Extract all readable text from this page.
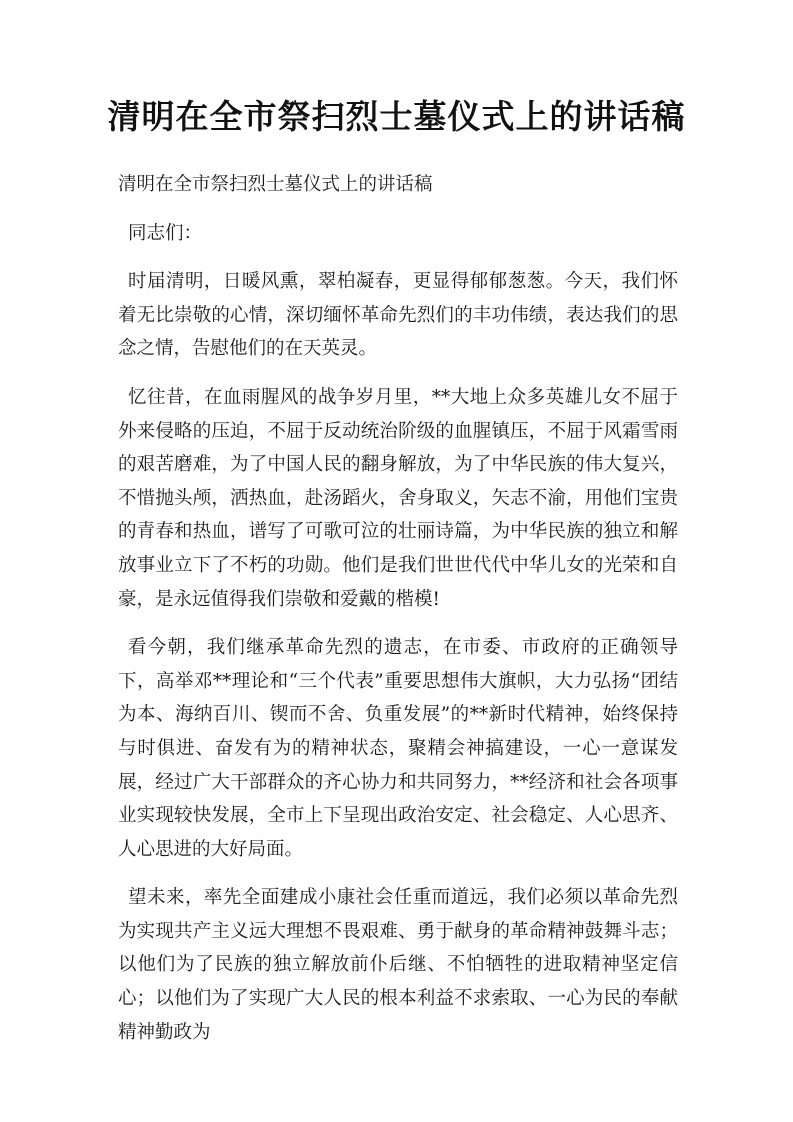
清明在全市祭扫烈士墓仪式上的讲话稿

清明在全市祭扫烈士墓仪式上的讲话稿

同志们：

时届清明，日暖风熏，翠柏凝春，更显得郁郁葱葱。今天，我们怀着无比崇敬的心情，深切缅怀革命先烈们的丰功伟绩，表达我们的思念之情，告慰他们的在天英灵。

忆往昔，在血雨腥风的战争岁月里，**大地上众多英雄儿女不屈于外来侵略的压迫，不屈于反动统治阶级的血腥镇压，不屈于风霜雪雨的艰苦磨难，为了中国人民的翻身解放，为了中华民族的伟大复兴，不惜抛头颅，洒热血，赴汤蹈火，舍身取义，矢志不渝，用他们宝贵的青春和热血，谱写了可歌可泣的壮丽诗篇，为中华民族的独立和解放事业立下了不朽的功勋。他们是我们世世代代中华儿女的光荣和自豪，是永远值得我们崇敬和爱戴的楷模!

看今朝，我们继承革命先烈的遗志，在市委、市政府的正确领导下，高举邓**理论和“三个代表”重要思想伟大旗帜，大力弘扬“团结为本、海纳百川、锲而不舍、负重发展”的**新时代精神，始终保持与时俱进、奋发有为的精神状态，聚精会神搞建设，一心一意谋发展，经过广大干部群众的齐心协力和共同努力，**经济和社会各项事业实现较快发展，全市上下呈现出政治安定、社会稳定、人心思齐、人心思进的大好局面。

望未来，率先全面建成小康社会任重而道远，我们必须以革命先烈为实现共产主义远大理想不畏艰难、勇于献身的革命精神鼓舞斗志；以他们为了民族的独立解放前仆后继、不怕牺牲的进取精神坚定信心；以他们为了实现广大人民的根本利益不求索取、一心为民的奉献精神勤政为
